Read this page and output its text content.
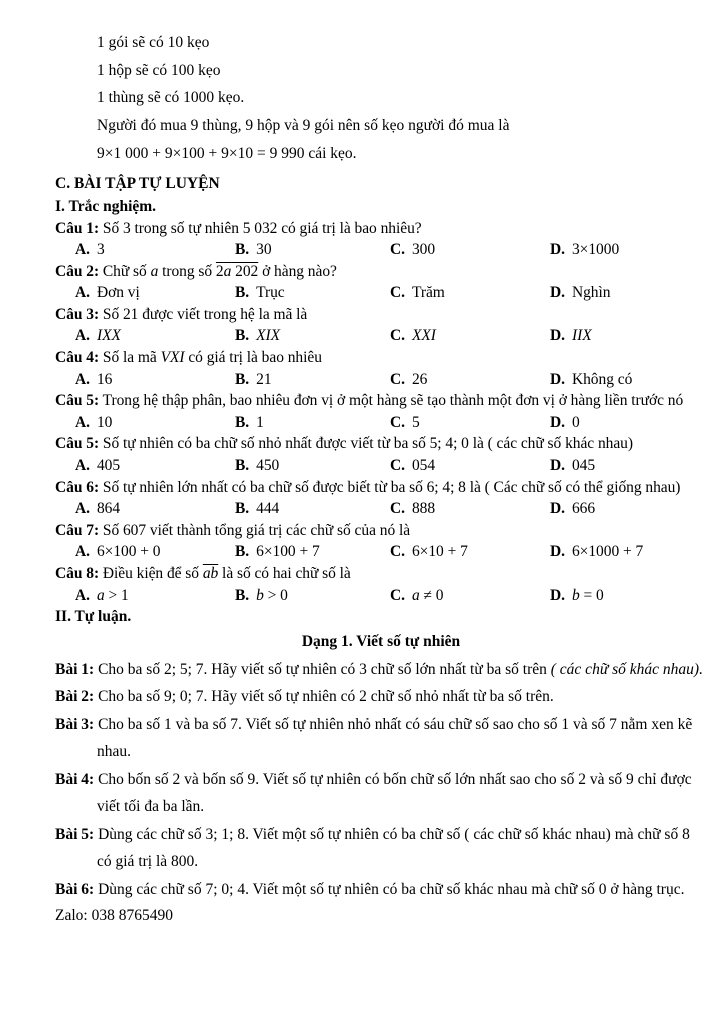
1 gói sẽ có 10 kẹo
1 hộp sẽ có 100 kẹo
1 thùng sẽ có 1000 kẹo.
Người đó mua 9 thùng, 9 hộp và 9 gói nên số kẹo người đó mua là
9×1 000 + 9×100 + 9×10 = 9 990 cái kẹo.
C. BÀI TẬP TỰ LUYỆN
I. Trắc nghiệm.
Câu 1: Số 3 trong số tự nhiên 5 032 có giá trị là bao nhiêu?
A. 3	B. 30	C. 300	D. 3×1000
Câu 2: Chữ số a trong số $2\overline{a}$ 202 ở hàng nào?
A. Đơn vị	B. Trục	C. Trăm	D. Nghìn
Câu 3: Số 21 được viết trong hệ la mã là
A. IXX	B. XIX	C. XXI	D. IIX
Câu 4: Số la mã VXI có giá trị là bao nhiêu
A. 16	B. 21	C. 26	D. Không có
Câu 5: Trong hệ thập phân, bao nhiêu đơn vị ở một hàng sẽ tạo thành một đơn vị ở hàng liền trước nó
A. 10	B. 1	C. 5	D. 0
Câu 5: Số tự nhiên có ba chữ số nhỏ nhất được viết từ ba số 5; 4; 0 là ( các chữ số khác nhau)
A. 405	B. 450	C. 054	D. 045
Câu 6: Số tự nhiên lớn nhất có ba chữ số được biết từ ba số 6; 4; 8 là ( Các chữ số có thể giống nhau)
A. 864	B. 444	C. 888	D. 666
Câu 7: Số 607 viết thành tổng giá trị các chữ số của nó là
A. 6×100 + 0	B. 6×100 + 7	C. 6×10 + 7	D. 6×1000 + 7
Câu 8: Điều kiện để số $\overline{ab}$ là số có hai chữ số là
A. a > 1	B. b > 0	C. a ≠ 0	D. b = 0
II. Tự luận.
Dạng 1. Viết số tự nhiên
Bài 1: Cho ba số 2; 5; 7. Hãy viết số tự nhiên có 3 chữ số lớn nhất từ ba số trên ( các chữ số khác nhau).
Bài 2: Cho ba số 9; 0; 7. Hãy viết số tự nhiên có 2 chữ số nhỏ nhất từ ba số trên.
Bài 3: Cho ba số 1 và ba số 7. Viết số tự nhiên nhỏ nhất có sáu chữ số sao cho số 1 và số 7 nằm xen kẽ nhau.
Bài 4: Cho bốn số 2 và bốn số 9. Viết số tự nhiên có bốn chữ số lớn nhất sao cho số 2 và số 9 chỉ được viết tối đa ba lần.
Bài 5: Dùng các chữ số 3; 1; 8. Viết một số tự nhiên có ba chữ số ( các chữ số khác nhau) mà chữ số 8 có giá trị là 800.
Bài 6: Dùng các chữ số 7; 0; 4. Viết một số tự nhiên có ba chữ số khác nhau mà chữ số 0 ở hàng trục.
Zalo: 038 8765490
